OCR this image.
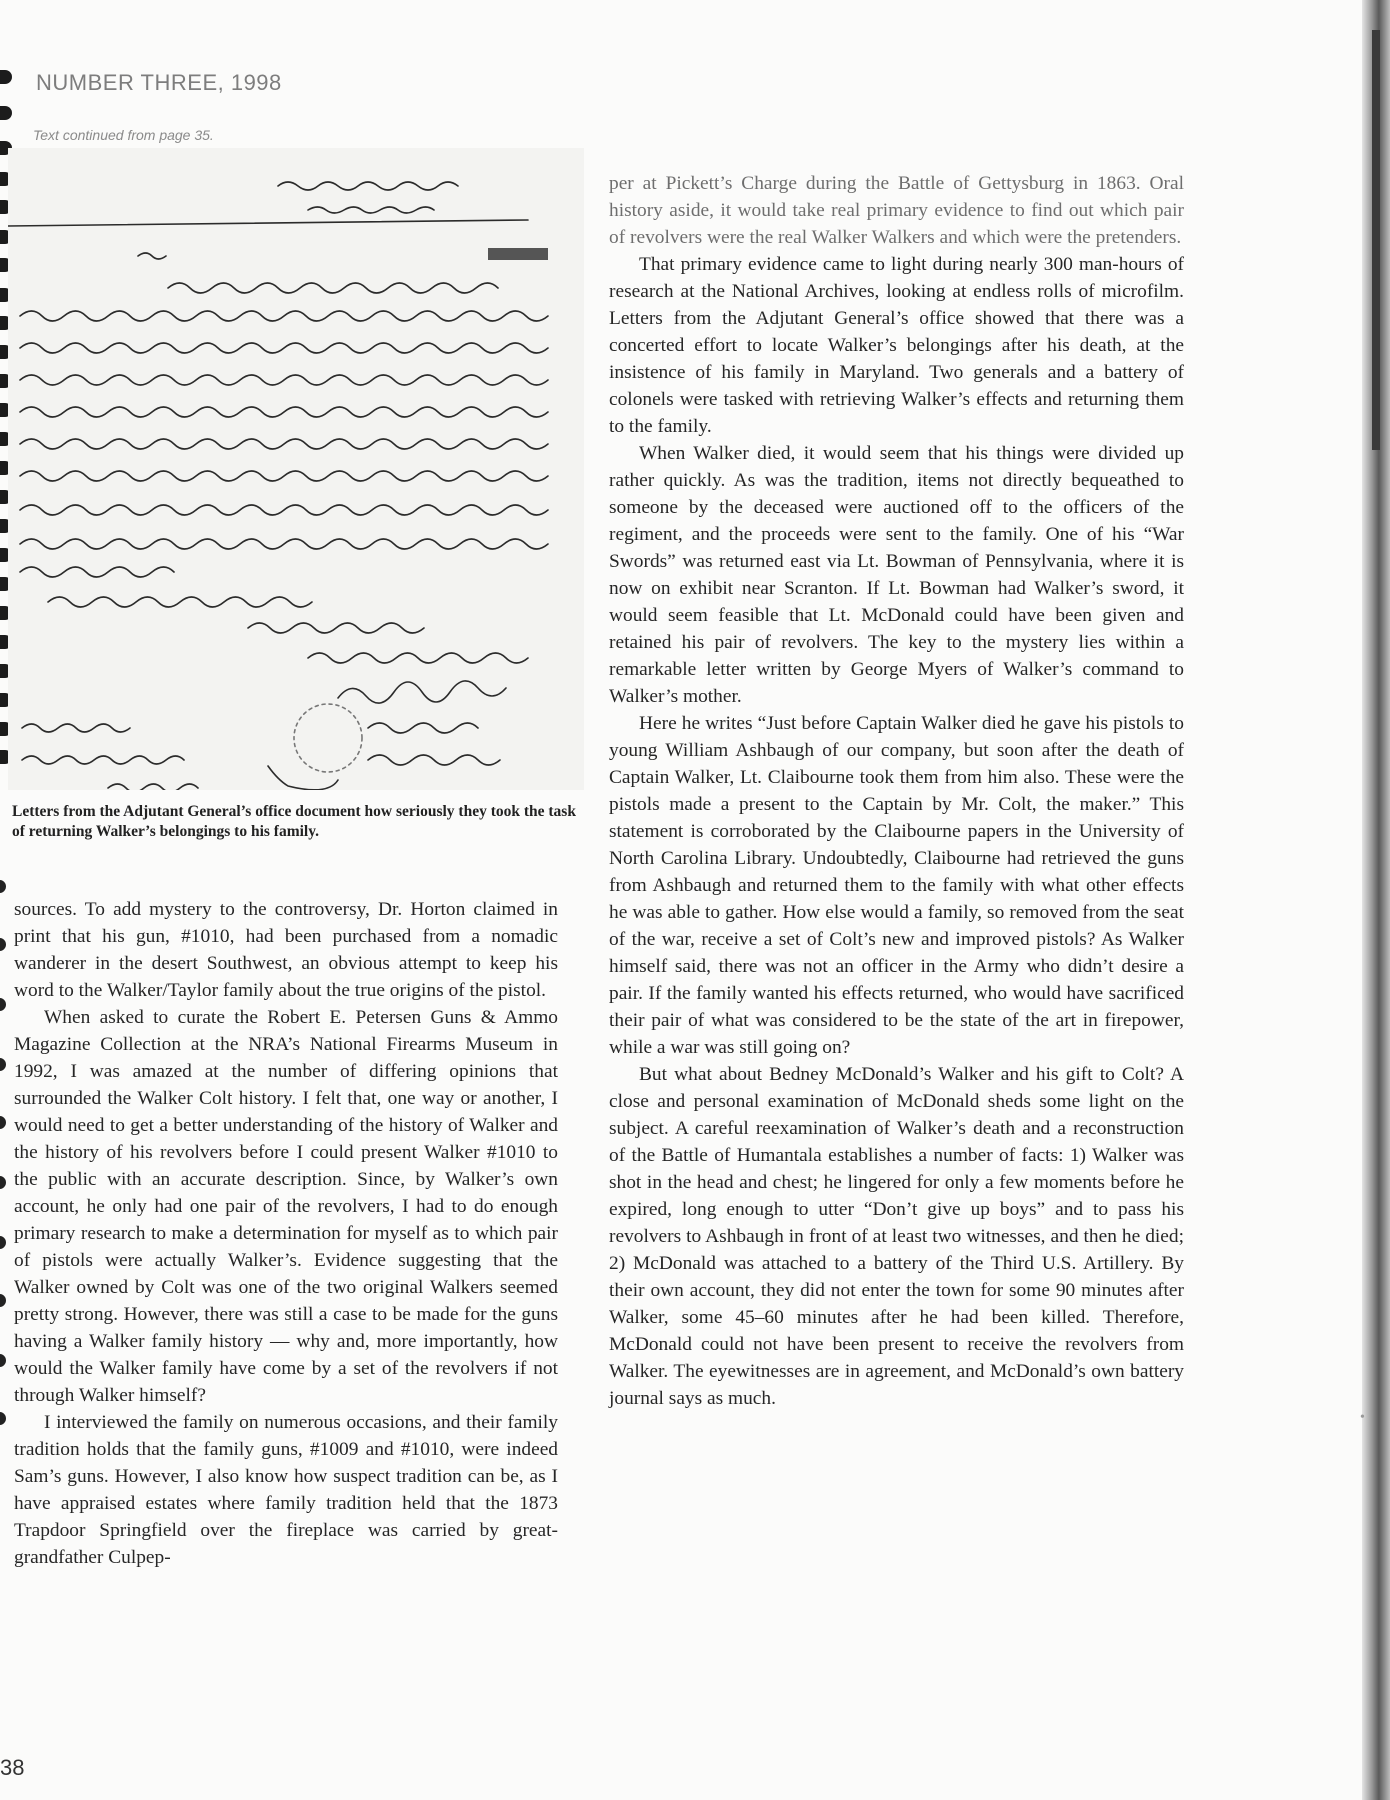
NUMBER THREE, 1998
Text continued from page 35.
Letters from the Adjutant General’s office document how seriously they took the task of returning Walker’s belongings to his family.

sources. To add mystery to the controversy, Dr. Horton claimed in print that his gun, #1010, had been purchased from a nomadic wanderer in the desert Southwest, an obvious attempt to keep his word to the Walker/Taylor family about the true origins of the pistol.

When asked to curate the Robert E. Petersen Guns & Ammo Magazine Collection at the NRA’s National Firearms Museum in 1992, I was amazed at the number of differing opinions that surrounded the Walker Colt history. I felt that, one way or another, I would need to get a better understanding of the history of Walker and the history of his revolvers before I could present Walker #1010 to the public with an accurate description. Since, by Walker’s own account, he only had one pair of the revolvers, I had to do enough primary research to make a determination for myself as to which pair of pistols were actually Walker’s. Evidence suggesting that the Walker owned by Colt was one of the two original Walkers seemed pretty strong. However, there was still a case to be made for the guns having a Walker family history — why and, more importantly, how would the Walker family have come by a set of the revolvers if not through Walker himself?

I interviewed the family on numerous occasions, and their family tradition holds that the family guns, #1009 and #1010, were indeed Sam’s guns. However, I also know how suspect tradition can be, as I have appraised estates where family tradition held that the 1873 Trapdoor Springfield over the fireplace was carried by great-grandfather Culpep-

per at Pickett’s Charge during the Battle of Gettysburg in 1863. Oral history aside, it would take real primary evidence to find out which pair of revolvers were the real Walker Walkers and which were the pretenders.

That primary evidence came to light during nearly 300 man-hours of research at the National Archives, looking at endless rolls of microfilm. Letters from the Adjutant General’s office showed that there was a concerted effort to locate Walker’s belongings after his death, at the insistence of his family in Maryland. Two generals and a battery of colonels were tasked with retrieving Walker’s effects and returning them to the family.

When Walker died, it would seem that his things were divided up rather quickly. As was the tradition, items not directly bequeathed to someone by the deceased were auctioned off to the officers of the regiment, and the proceeds were sent to the family. One of his “War Swords” was returned east via Lt. Bowman of Pennsylvania, where it is now on exhibit near Scranton. If Lt. Bowman had Walker’s sword, it would seem feasible that Lt. McDonald could have been given and retained his pair of revolvers. The key to the mystery lies within a remarkable letter written by George Myers of Walker’s command to Walker’s mother.

Here he writes “Just before Captain Walker died he gave his pistols to young William Ashbaugh of our company, but soon after the death of Captain Walker, Lt. Claibourne took them from him also. These were the pistols made a present to the Captain by Mr. Colt, the maker.” This statement is corroborated by the Claibourne papers in the University of North Carolina Library. Undoubtedly, Claibourne had retrieved the guns from Ashbaugh and returned them to the family with what other effects he was able to gather. How else would a family, so removed from the seat of the war, receive a set of Colt’s new and improved pistols? As Walker himself said, there was not an officer in the Army who didn’t desire a pair. If the family wanted his effects returned, who would have sacrificed their pair of what was considered to be the state of the art in firepower, while a war was still going on?

But what about Bedney McDonald’s Walker and his gift to Colt? A close and personal examination of McDonald sheds some light on the subject. A careful reexamination of Walker’s death and a reconstruction of the Battle of Humantala establishes a number of facts: 1) Walker was shot in the head and chest; he lingered for only a few moments before he expired, long enough to utter “Don’t give up boys” and to pass his revolvers to Ashbaugh in front of at least two witnesses, and then he died; 2) McDonald was attached to a battery of the Third U.S. Artillery. By their own account, they did not enter the town for some 90 minutes after Walker, some 45–60 minutes after he had been killed. Therefore, McDonald could not have been present to receive the revolvers from Walker. The eyewitnesses are in agreement, and McDonald’s own battery journal says as much.

38
•
